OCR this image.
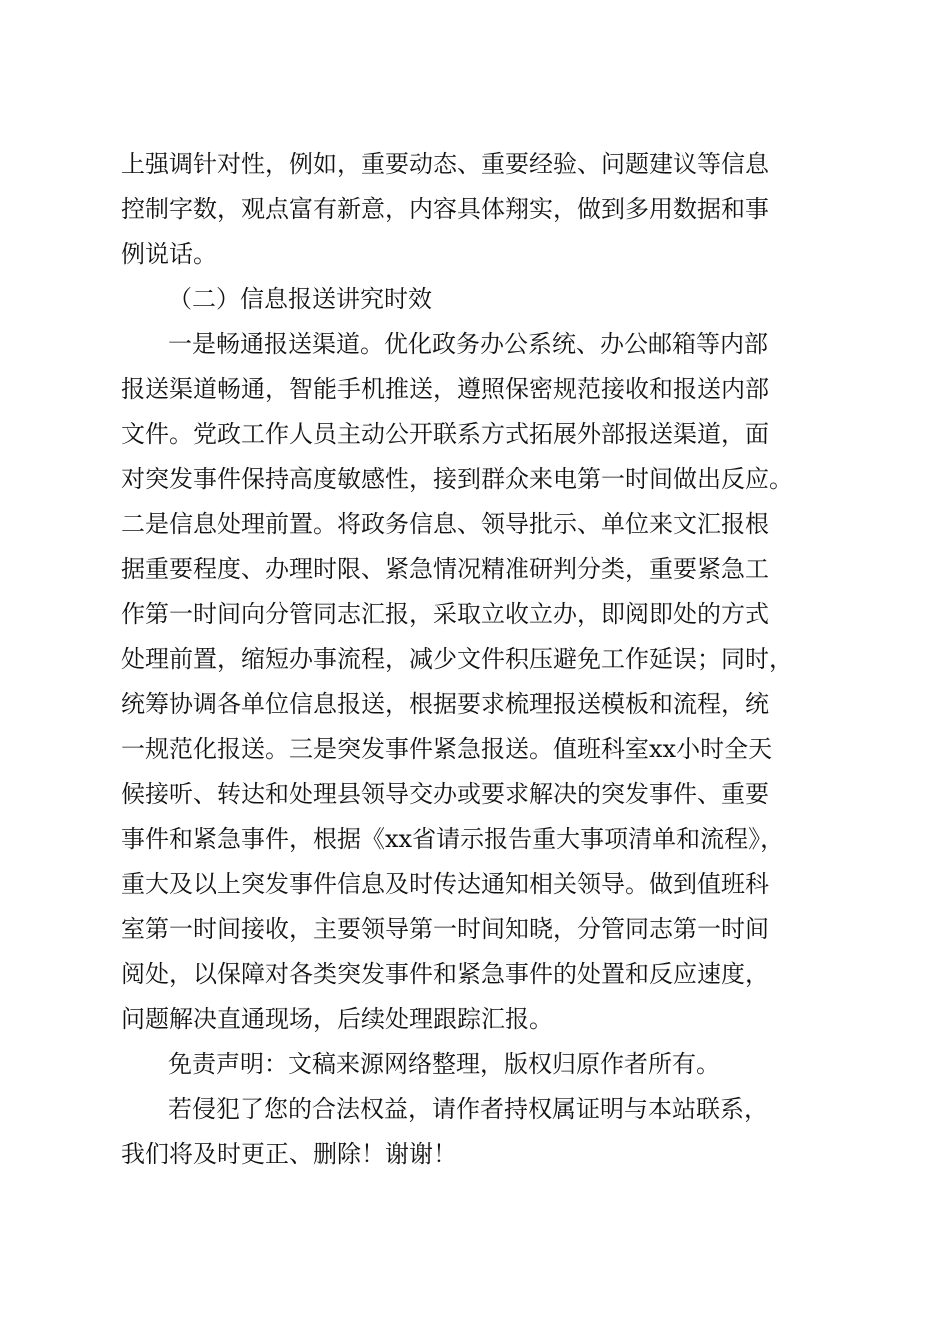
上强调针对性，例如，重要动态、重要经验、问题建议等信息
控制字数，观点富有新意，内容具体翔实，做到多用数据和事
例说话。
（二）信息报送讲究时效
一是畅通报送渠道。优化政务办公系统、办公邮箱等内部
报送渠道畅通，智能手机推送，遵照保密规范接收和报送内部
文件。党政工作人员主动公开联系方式拓展外部报送渠道，面
对突发事件保持高度敏感性，接到群众来电第一时间做出反应。
二是信息处理前置。将政务信息、领导批示、单位来文汇报根
据重要程度、办理时限、紧急情况精准研判分类，重要紧急工
作第一时间向分管同志汇报，采取立收立办，即阅即处的方式
处理前置，缩短办事流程，减少文件积压避免工作延误；同时，
统筹协调各单位信息报送，根据要求梳理报送模板和流程，统
一规范化报送。三是突发事件紧急报送。值班科室xx小时全天
候接听、转达和处理县领导交办或要求解决的突发事件、重要
事件和紧急事件，根据《xx省请示报告重大事项清单和流程》，
重大及以上突发事件信息及时传达通知相关领导。做到值班科
室第一时间接收，主要领导第一时间知晓，分管同志第一时间
阅处，以保障对各类突发事件和紧急事件的处置和反应速度，
问题解决直通现场，后续处理跟踪汇报。
免责声明：文稿来源网络整理，版权归原作者所有。
若侵犯了您的合法权益，请作者持权属证明与本站联系，
我们将及时更正、删除！谢谢！
